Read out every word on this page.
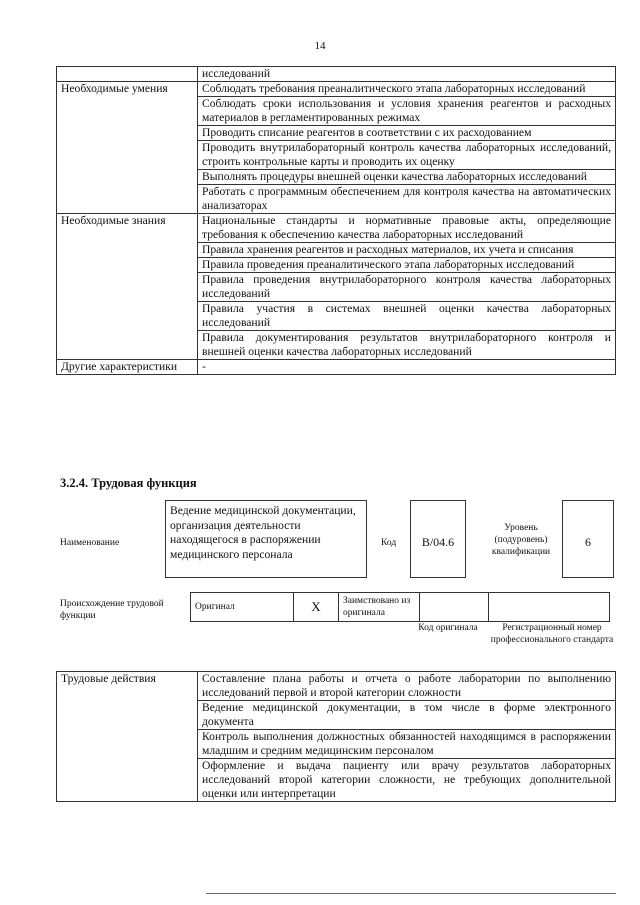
14
	исследований
Необходимые умения	Соблюдать требования преаналитического этапа лабораторных исследований
	Соблюдать сроки использования и условия хранения реагентов и расходных материалов в регламентированных режимах
	Проводить списание реагентов в соответствии с их расходованием
	Проводить внутрилабораторный контроль качества лабораторных исследований, строить контрольные карты и проводить их оценку
	Выполнять процедуры внешней оценки качества лабораторных исследований
	Работать с программным обеспечением для контроля качества на автоматических анализаторах
Необходимые знания	Национальные стандарты и нормативные правовые акты, определяющие требования к обеспечению качества лабораторных исследований
	Правила хранения реагентов и расходных материалов, их учета и списания
	Правила проведения преаналитического этапа лабораторных исследований
	Правила проведения внутрилабораторного контроля качества лабораторных исследований
	Правила участия в системах внешней оценки качества лабораторных исследований
	Правила документирования результатов внутрилабораторного контроля и внешней оценки качества лабораторных исследований
Другие характеристики	-
3.2.4. Трудовая функция
Наименование
Ведение медицинской документации, организация деятельности находящегося в распоряжении медицинского персонала
Код	B/04.6
Уровень (подуровень) квалификации
6
Происхождение трудовой функции
Оригинал	X	Заимствовано из оригинала		
Код оригинала	Регистрационный номер профессионального стандарта
Трудовые действия	Составление плана работы и отчета о работе лаборатории по выполнению исследований первой и второй категории сложности
Ведение медицинской документации, в том числе в форме электронного документа
Контроль выполнения должностных обязанностей находящимся в распоряжении младшим и средним медицинским персоналом
Оформление и выдача пациенту или врачу результатов лабораторных исследований второй категории сложности, не требующих дополнительной оценки или интерпретации
